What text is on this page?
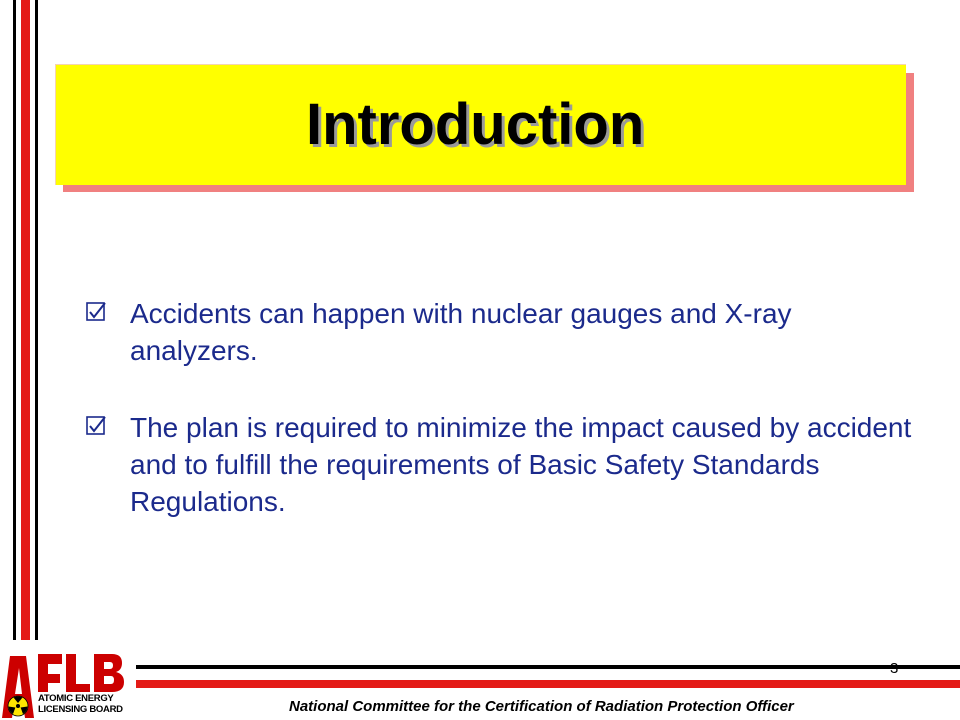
Introduction
Accidents can happen with nuclear gauges and X-ray analyzers.
The plan is required to minimize the impact caused by accident and to fulfill the requirements of Basic Safety Standards Regulations.
3
National Committee for the Certification of Radiation Protection Officer
ATOMIC ENERGY
LICENSING BOARD
